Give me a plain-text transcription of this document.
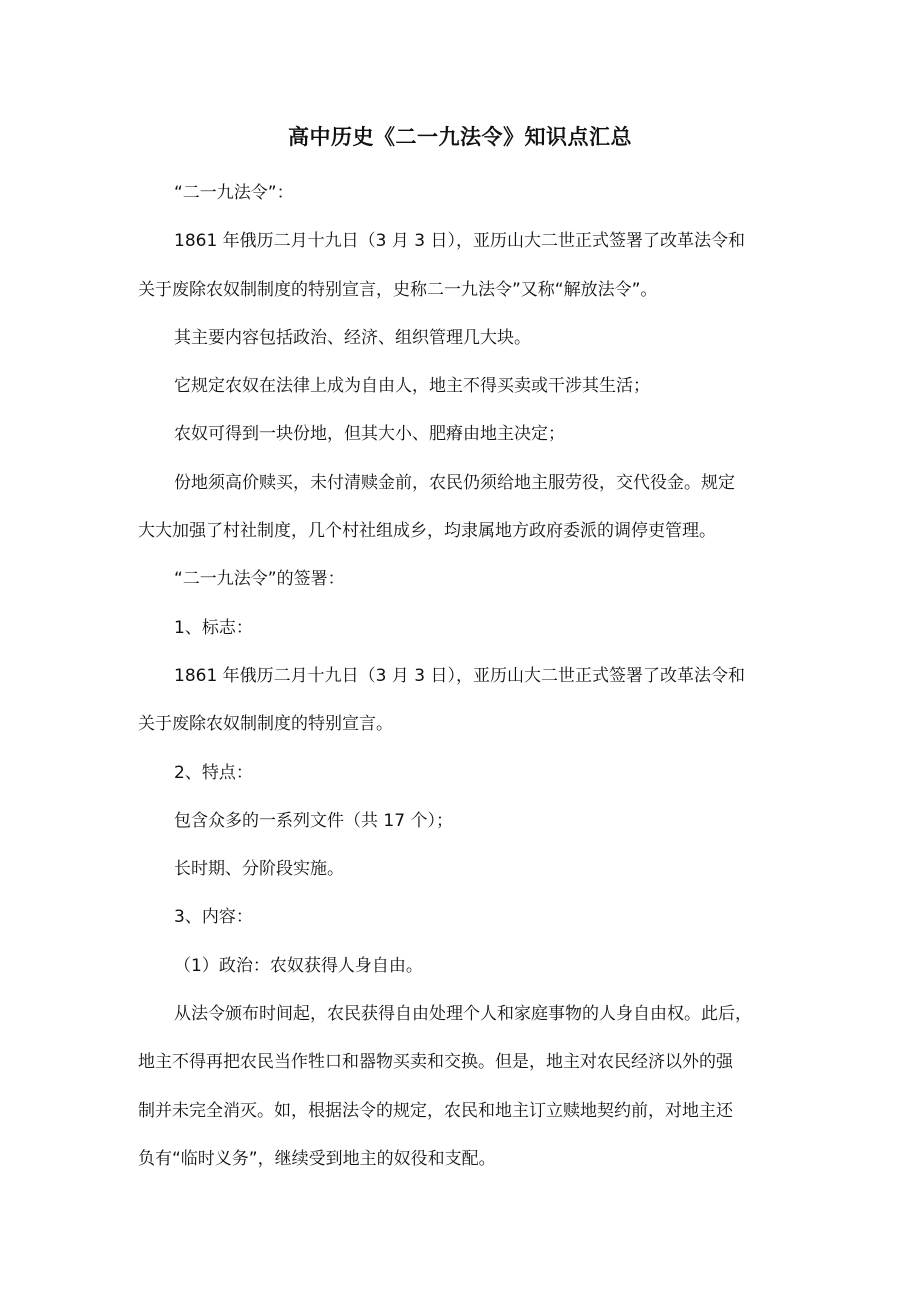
高中历史《二一九法令》知识点汇总

“二一九法令”：

1861 年俄历二月十九日（3 月 3 日），亚历山大二世正式签署了改革法令和

关于废除农奴制制度的特别宣言，史称二一九法令”又称“解放法令”。

其主要内容包括政治、经济、组织管理几大块。

它规定农奴在法律上成为自由人，地主不得买卖或干涉其生活；

农奴可得到一块份地，但其大小、肥瘠由地主决定；

份地须高价赎买，未付清赎金前，农民仍须给地主服劳役，交代役金。规定

大大加强了村社制度，几个村社组成乡，均隶属地方政府委派的调停吏管理。

“二一九法令”的签署：

1、标志：

1861 年俄历二月十九日（3 月 3 日），亚历山大二世正式签署了改革法令和

关于废除农奴制制度的特别宣言。

2、特点：

包含众多的一系列文件（共 17 个）；

长时期、分阶段实施。

3、内容：

（1）政治：农奴获得人身自由。

从法令颁布时间起，农民获得自由处理个人和家庭事物的人身自由权。此后，

地主不得再把农民当作牲口和器物买卖和交换。但是，地主对农民经济以外的强

制并未完全消灭。如，根据法令的规定，农民和地主订立赎地契约前，对地主还

负有“临时义务”，继续受到地主的奴役和支配。
